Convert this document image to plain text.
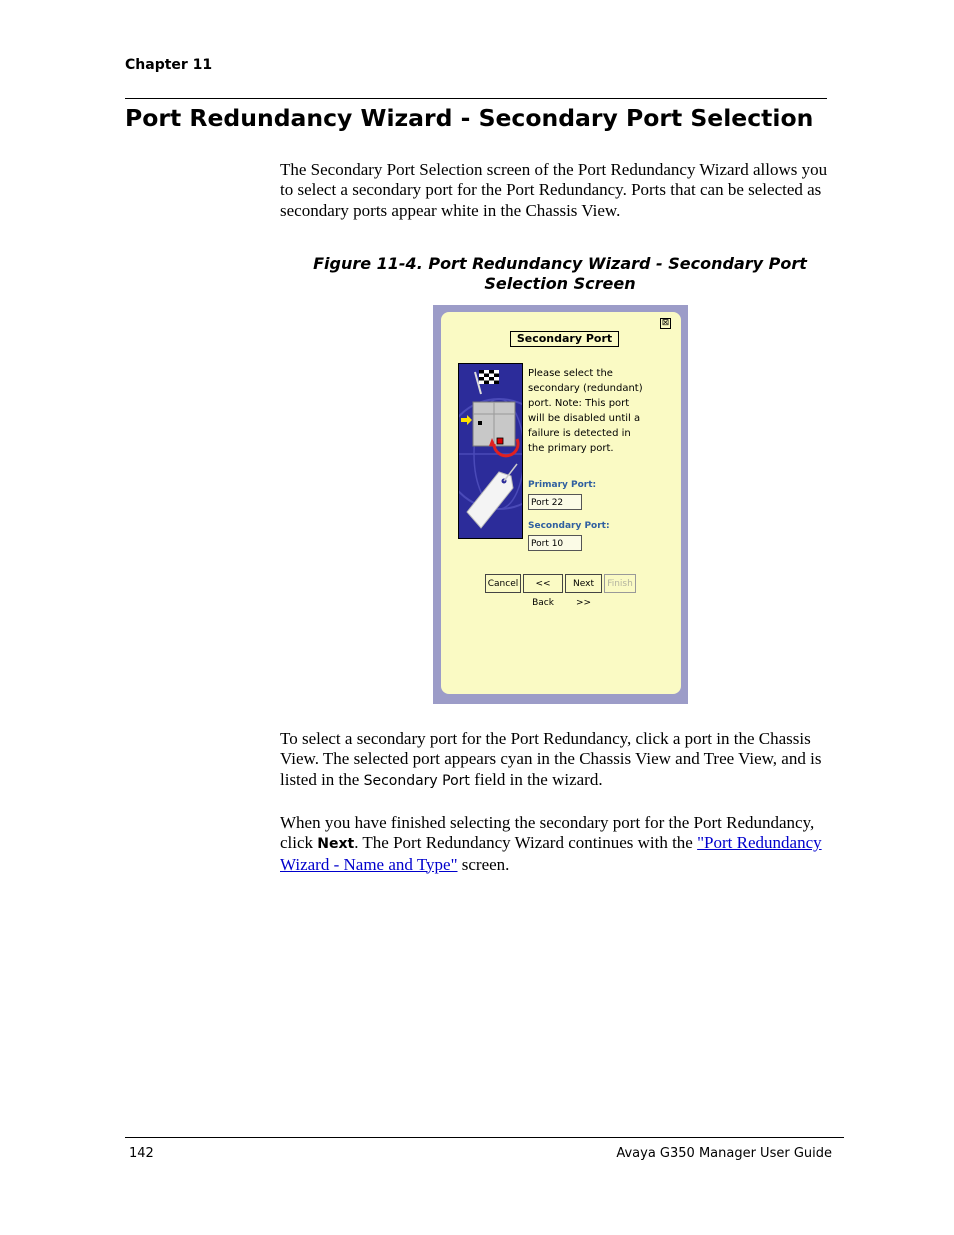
Chapter 11
Port Redundancy Wizard - Secondary Port Selection

The Secondary Port Selection screen of the Port Redundancy Wizard allows you to select a secondary port for the Port Redundancy. Ports that can be selected as secondary ports appear white in the Chassis View.

Figure 11-4. Port Redundancy Wizard - Secondary Port Selection Screen
⊠
Secondary Port
Please select the secondary (redundant) port. Note: This port will be disabled until a failure is detected in the primary port.
Primary Port:
Port 22
Secondary Port:
Port 10
Cancel	<< Back
Next >>
Finish

To select a secondary port for the Port Redundancy, click a port in the Chassis View. The selected port appears cyan in the Chassis View and Tree View, and is listed in the Secondary Port field in the wizard.

When you have finished selecting the secondary port for the Port Redundancy, click Next. The Port Redundancy Wizard continues with the "Port Redundancy Wizard - Name and Type" screen.

142	Avaya G350 Manager User Guide
